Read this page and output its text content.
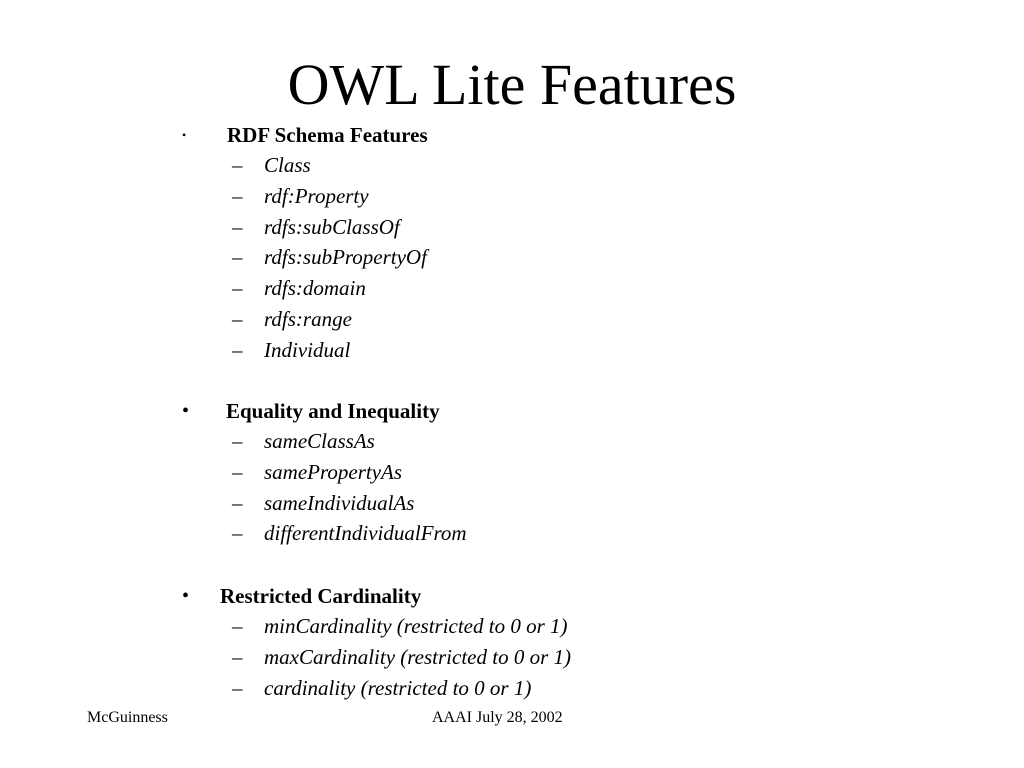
OWL Lite Features
• RDF Schema Features
– Class
– rdf:Property
– rdfs:subClassOf
– rdfs:subPropertyOf
– rdfs:domain
– rdfs:range
– Individual
• Equality and Inequality
– sameClassAs
– samePropertyAs
– sameIndividualAs
– differentIndividualFrom
• Restricted Cardinality
– minCardinality (restricted to 0 or 1)
– maxCardinality (restricted to 0 or 1)
– cardinality (restricted to 0 or 1)
McGuinness	AAAI July 28, 2002
